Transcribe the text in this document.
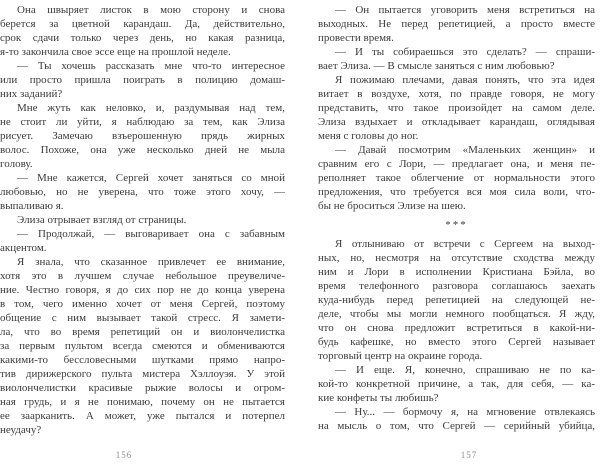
Она швыряет листок в мою сторону и снова
берется за цветной карандаш. Да, действительно,
срок сдачи только через день, но какая разница,
я-то закончила свое эссе еще на прошлой неделе.
— Ты хочешь рассказать мне что-то интересное
или просто пришла поиграть в полицию домаш-
них заданий?
Мне жуть как неловко, и, раздумывая над тем,
не стоит ли уйти, я наблюдаю за тем, как Элиза
рисует. Замечаю взъерошенную прядь жирных
волос. Похоже, она уже несколько дней не мыла
голову.
— Мне кажется, Сергей хочет заняться со мной
любовью, но не уверена, что тоже этого хочу, —
выпаливаю я.
Элиза отрывает взгляд от страницы.
— Продолжай, — выговаривает она с забавным
акцентом.
Я знала, что сказанное привлечет ее внимание,
хотя это в лучшем случае небольшое преувеличе-
ние. Честно говоря, я до сих пор не до конца уверена
в том, чего именно хочет от меня Сергей, поэтому
общение с ним вызывает такой стресс. Я замети-
ла, что во время репетиций он и виолончелистка
за первым пультом всегда смеются и обмениваются
какими-то бессловесными шутками прямо напро-
тив дирижерского пульта мистера Хэллоуэя. У этой
виолончелистки красивые рыжие волосы и огром-
ная грудь, и я не понимаю, почему он не пытается
ее заарканить. А может, уже пытался и потерпел
неудачу?
— Он пытается уговорить меня встретиться на
выходных. Не перед репетицией, а просто вместе
провести время.
— И ты собираешься это сделать? — спраши-
вает Элиза. — В смысле заняться с ним любовью?
Я пожимаю плечами, давая понять, что эта идея
витает в воздухе, хотя, по правде говоря, не могу
представить, что такое произойдет на самом деле.
Элиза вздыхает и откладывает карандаш, оглядывая
меня с головы до ног.
— Давай посмотрим «Маленьких женщин» и
сравним его с Лори, — предлагает она, и меня пе-
реполняет такое облегчение от нормальности этого
предложения, что требуется вся моя сила воли, что-
бы не броситься Элизе на шею.
***
Я отлыниваю от встречи с Сергеем на выход-
ных, но, несмотря на отсутствие сходства между
ним и Лори в исполнении Кристиана Бэйла, во
время телефонного разговора соглашаюсь заехать
куда-нибудь перед репетицией на следующей не-
деле, чтобы мы могли немного пообщаться. Я жду,
что он снова предложит встретиться в какой-ни-
будь кафешке, но вместо этого Сергей называет
торговый центр на окраине города.
— И еще. Я, конечно, спрашиваю не по ка-
кой-то конкретной причине, а так, для себя, — ка-
кие конфеты ты любишь?
— Ну... — бормочу я, на мгновение отвлекаясь
на мысль о том, что Сергей — серийный убийца,
156	157
